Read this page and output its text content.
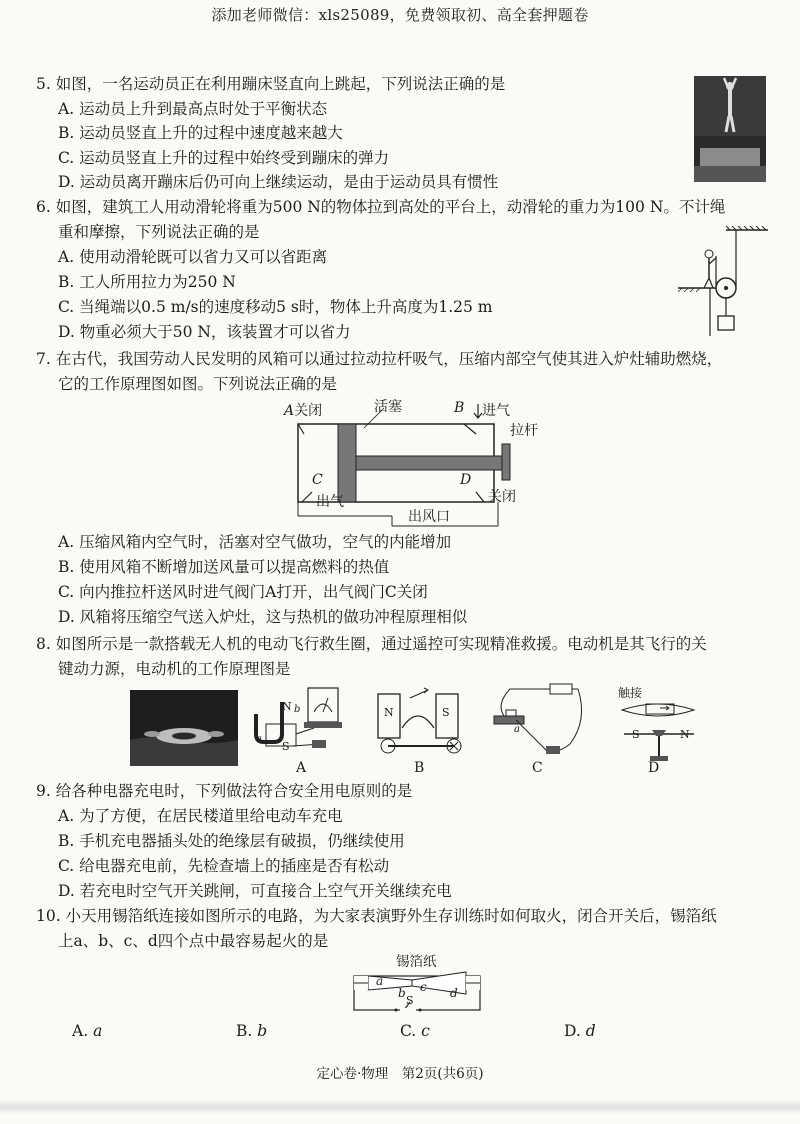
添加老师微信：xls25089，免费领取初、高全套押题卷
5. 如图，一名运动员正在利用蹦床竖直向上跳起，下列说法正确的是
A. 运动员上升到最高点时处于平衡状态
B. 运动员竖直上升的过程中速度越来越大
C. 运动员竖直上升的过程中始终受到蹦床的弹力
D. 运动员离开蹦床后仍可向上继续运动，是由于运动员具有惯性
6. 如图，建筑工人用动滑轮将重为500 N的物体拉到高处的平台上，动滑轮的重力为100 N。不计绳
重和摩擦，下列说法正确的是
A. 使用动滑轮既可以省力又可以省距离
B. 工人所用拉力为250 N
C. 当绳端以0.5 m/s的速度移动5 s时，物体上升高度为1.25 m
D. 物重必须大于50 N，该装置才可以省力
7. 在古代，我国劳动人民发明的风箱可以通过拉动拉杆吸气，压缩内部空气使其进入炉灶辅助燃烧，
它的工作原理图如图。下列说法正确的是
A关闭	活塞	B 进气
拉杆
C	D
出气	关闭
出风口
A. 压缩风箱内空气时，活塞对空气做功，空气的内能增加
B. 使用风箱不断增加送风量可以提高燃料的热值
C. 向内推拉杆送风时进气阀门A打开，出气阀门C关闭
D. 风箱将压缩空气送入炉灶，这与热机的做功冲程原理相似
8. 如图所示是一款搭载无人机的电动飞行救生圈，通过遥控可实现精准救援。电动机是其飞行的关
键动力源，电动机的工作原理图是
N b
a
S
A
N	S
B
a
C
触接
S	N
D
9. 给各种电器充电时，下列做法符合安全用电原则的是
A. 为了方便，在居民楼道里给电动车充电
B. 手机充电器插头处的绝缘层有破损，仍继续使用
C. 给电器充电前，先检查墙上的插座是否有松动
D. 若充电时空气开关跳闸，可直接合上空气开关继续充电
10. 小天用锡箔纸连接如图所示的电路，为大家表演野外生存训练时如何取火，闭合开关后，锡箔纸
上a、b、c、d四个点中最容易起火的是
锡箔纸
a
b c d
S
A. a	B. b	C. c	D. d
定心卷·物理　第2页(共6页)
